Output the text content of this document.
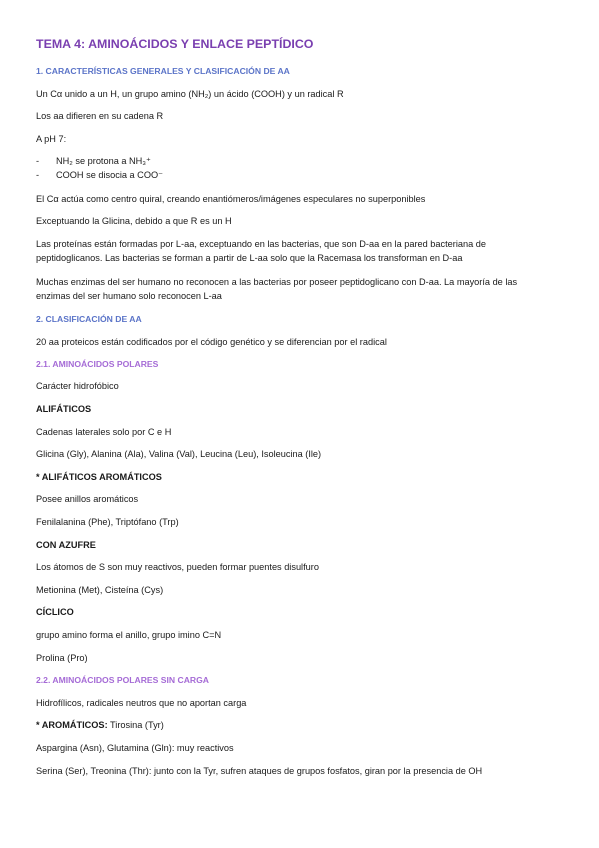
TEMA 4: AMINOÁCIDOS Y ENLACE PEPTÍDICO
1. CARACTERÍSTICAS GENERALES Y CLASIFICACIÓN DE AA
Un Cα unido a un H, un grupo amino (NH₂) un ácido (COOH) y un radical R
Los aa difieren en su cadena R
A pH 7:
- NH₂ se protona a NH₃⁺
- COOH se disocia a COO⁻
El Cα actúa como centro quiral, creando enantiómeros/imágenes especulares no superponibles
Exceptuando la Glicina, debido a que R es un H
Las proteínas están formadas por L-aa, exceptuando en las bacterias, que son D-aa en la pared bacteriana de
peptidoglicanos. Las bacterias se forman a partir de L-aa solo que la Racemasa los transforman en D-aa
Muchas enzimas del ser humano no reconocen a las bacterias por poseer peptidoglicano con D-aa. La mayoría de las
enzimas del ser humano solo reconocen L-aa
2. CLASIFICACIÓN DE AA
20 aa proteicos están codificados por el código genético y se diferencian por el radical
2.1. AMINOÁCIDOS POLARES
Carácter hidrofóbico
ALIFÁTICOS
Cadenas laterales solo por C e H
Glicina (Gly), Alanina (Ala), Valina (Val), Leucina (Leu), Isoleucina (Ile)
* ALIFÁTICOS AROMÁTICOS
Posee anillos aromáticos
Fenilalanina (Phe), Triptófano (Trp)
CON AZUFRE
Los átomos de S son muy reactivos, pueden formar puentes disulfuro
Metionina (Met), Cisteína (Cys)
CÍCLICO
grupo amino forma el anillo, grupo imino C=N
Prolina (Pro)
2.2. AMINOÁCIDOS POLARES SIN CARGA
Hidrofílicos, radicales neutros que no aportan carga
* AROMÁTICOS: Tirosina (Tyr)
Aspargina (Asn), Glutamina (Gln): muy reactivos
Serina (Ser), Treonina (Thr): junto con la Tyr, sufren ataques de grupos fosfatos, giran por la presencia de OH
